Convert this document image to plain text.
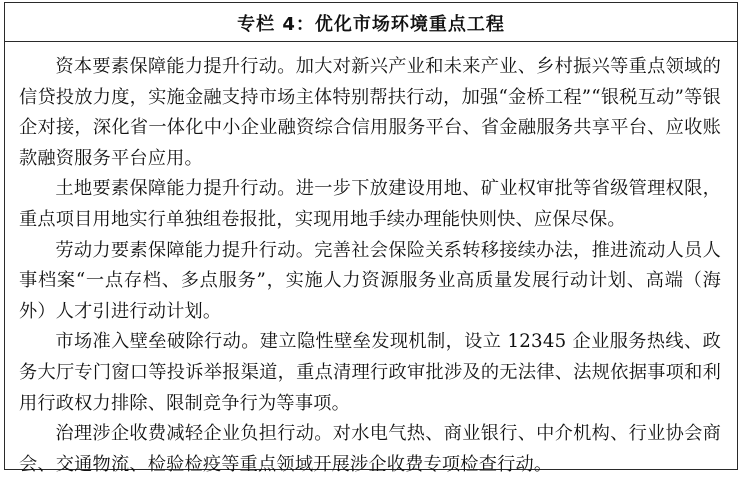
专栏 4：优化市场环境重点工程

资本要素保障能力提升行动。加大对新兴产业和未来产业、乡村振兴等重点领域的信贷投放力度，实施金融支持市场主体特别帮扶行动，加强“金桥工程”“银税互动”等银企对接，深化省一体化中小企业融资综合信用服务平台、省金融服务共享平台、应收账款融资服务平台应用。

土地要素保障能力提升行动。进一步下放建设用地、矿业权审批等省级管理权限，重点项目用地实行单独组卷报批，实现用地手续办理能快则快、应保尽保。

劳动力要素保障能力提升行动。完善社会保险关系转移接续办法，推进流动人员人事档案“一点存档、多点服务”，实施人力资源服务业高质量发展行动计划、高端（海外）人才引进行动计划。

市场准入壁垒破除行动。建立隐性壁垒发现机制，设立 12345 企业服务热线、政务大厅专门窗口等投诉举报渠道，重点清理行政审批涉及的无法律、法规依据事项和利用行政权力排除、限制竞争行为等事项。

治理涉企收费减轻企业负担行动。对水电气热、商业银行、中介机构、行业协会商会、交通物流、检验检疫等重点领域开展涉企收费专项检查行动。
